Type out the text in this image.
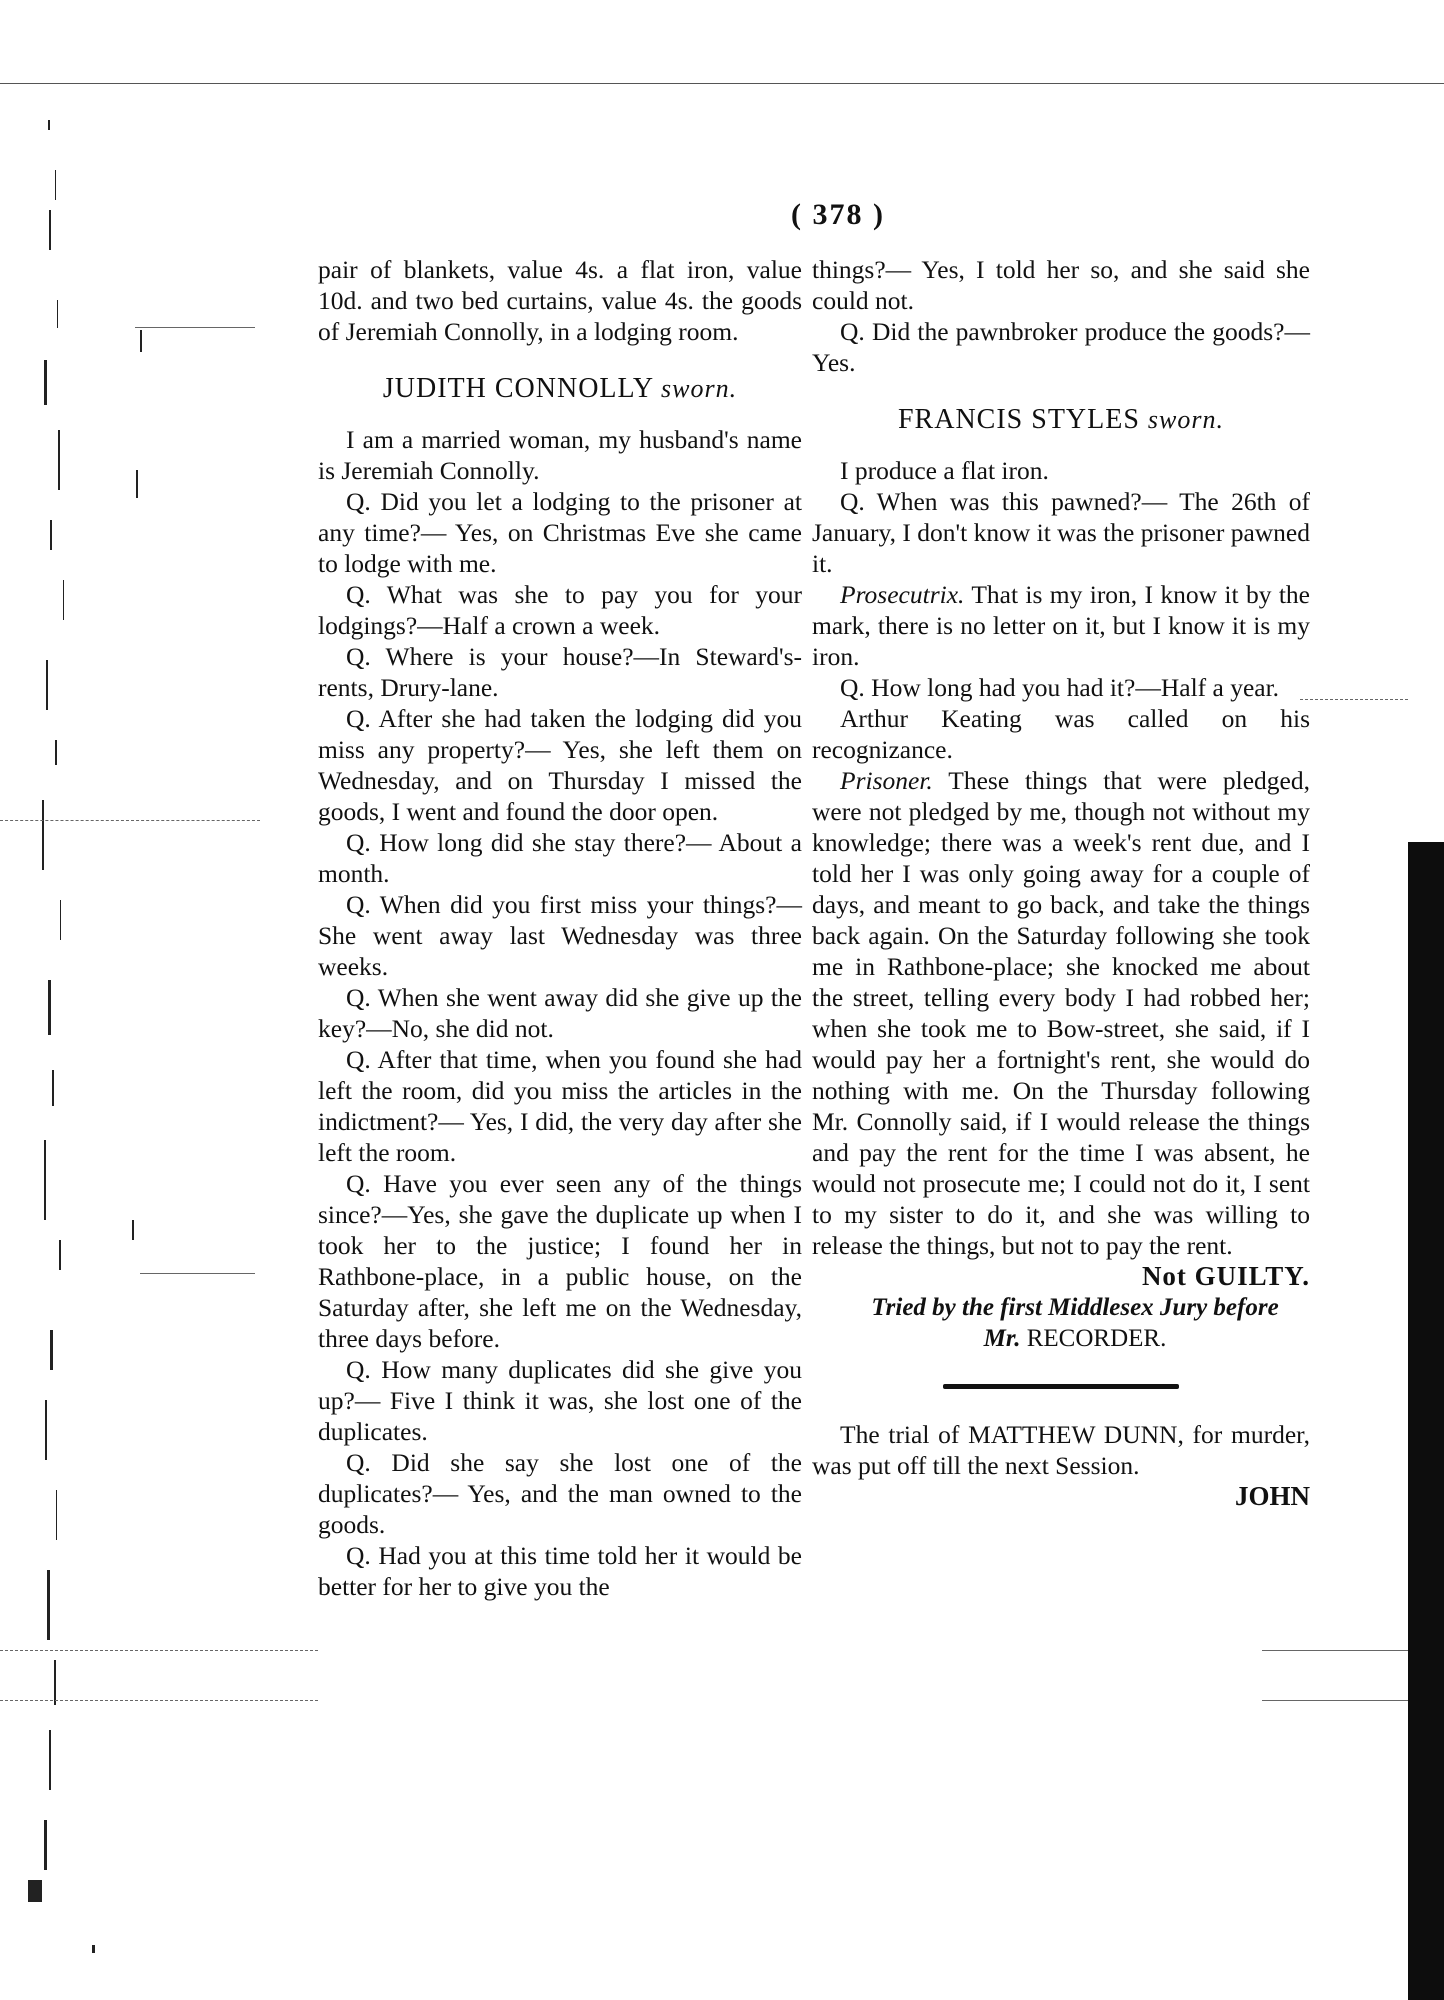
( 378 )

pair of blankets, value 4s. a flat iron, value 10d. and two bed curtains, value 4s. the goods of Jeremiah Connolly, in a lodging room.

JUDITH CONNOLLY sworn.

I am a married woman, my husband's name is Jeremiah Connolly.

Q. Did you let a lodging to the prisoner at any time?— Yes, on Christmas Eve she came to lodge with me.

Q. What was she to pay you for your lodgings?—Half a crown a week.

Q. Where is your house?—In Steward's-rents, Drury-lane.

Q. After she had taken the lodging did you miss any property?— Yes, she left them on Wednesday, and on Thursday I missed the goods, I went and found the door open.

Q. How long did she stay there?— About a month.

Q. When did you first miss your things?—She went away last Wednesday was three weeks.

Q. When she went away did she give up the key?—No, she did not.

Q. After that time, when you found she had left the room, did you miss the articles in the indictment?— Yes, I did, the very day after she left the room.

Q. Have you ever seen any of the things since?—Yes, she gave the duplicate up when I took her to the justice; I found her in Rathbone-place, in a public house, on the Saturday after, she left me on the Wednesday, three days before.

Q. How many duplicates did she give you up?— Five I think it was, she lost one of the duplicates.

Q. Did she say she lost one of the duplicates?— Yes, and the man owned to the goods.

Q. Had you at this time told her it would be better for her to give you the

things?— Yes, I told her so, and she said she could not.

Q. Did the pawnbroker produce the goods?—Yes.

FRANCIS STYLES sworn.

I produce a flat iron.

Q. When was this pawned?— The 26th of January, I don't know it was the prisoner pawned it.

Prosecutrix. That is my iron, I know it by the mark, there is no letter on it, but I know it is my iron.

Q. How long had you had it?—Half a year.

Arthur Keating was called on his recognizance.

Prisoner. These things that were pledged, were not pledged by me, though not without my knowledge; there was a week's rent due, and I told her I was only going away for a couple of days, and meant to go back, and take the things back again. On the Saturday following she took me in Rathbone-place; she knocked me about the street, telling every body I had robbed her; when she took me to Bow-street, she said, if I would pay her a fortnight's rent, she would do nothing with me. On the Thursday following Mr. Connolly said, if I would release the things and pay the rent for the time I was absent, he would not prosecute me; I could not do it, I sent to my sister to do it, and she was willing to release the things, but not to pay the rent.

Not GUILTY.

Tried by the first Middlesex Jury before

Mr. RECORDER.

The trial of MATTHEW DUNN, for murder, was put off till the next Session.

JOHN
